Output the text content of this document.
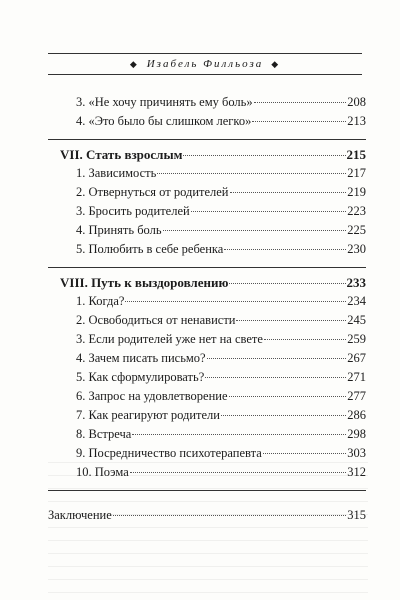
◆ Изабель Филльоза ◆
3. «Не хочу причинять ему боль»	208
4. «Это было бы слишком легко»	213
VII. Стать взрослым	215
1. Зависимость	217
2. Отвернуться от родителей	219
3. Бросить родителей	223
4. Принять боль	225
5. Полюбить в себе ребенка	230
VIII. Путь к выздоровлению	233
1. Когда?	234
2. Освободиться от ненависти	245
3. Если родителей уже нет на свете	259
4. Зачем писать письмо?	267
5. Как сформулировать?	271
6. Запрос на удовлетворение	277
7. Как реагируют родители	286
8. Встреча	298
9. Посредничество психотерапевта	303
10. Поэма	312
Заключение	315
